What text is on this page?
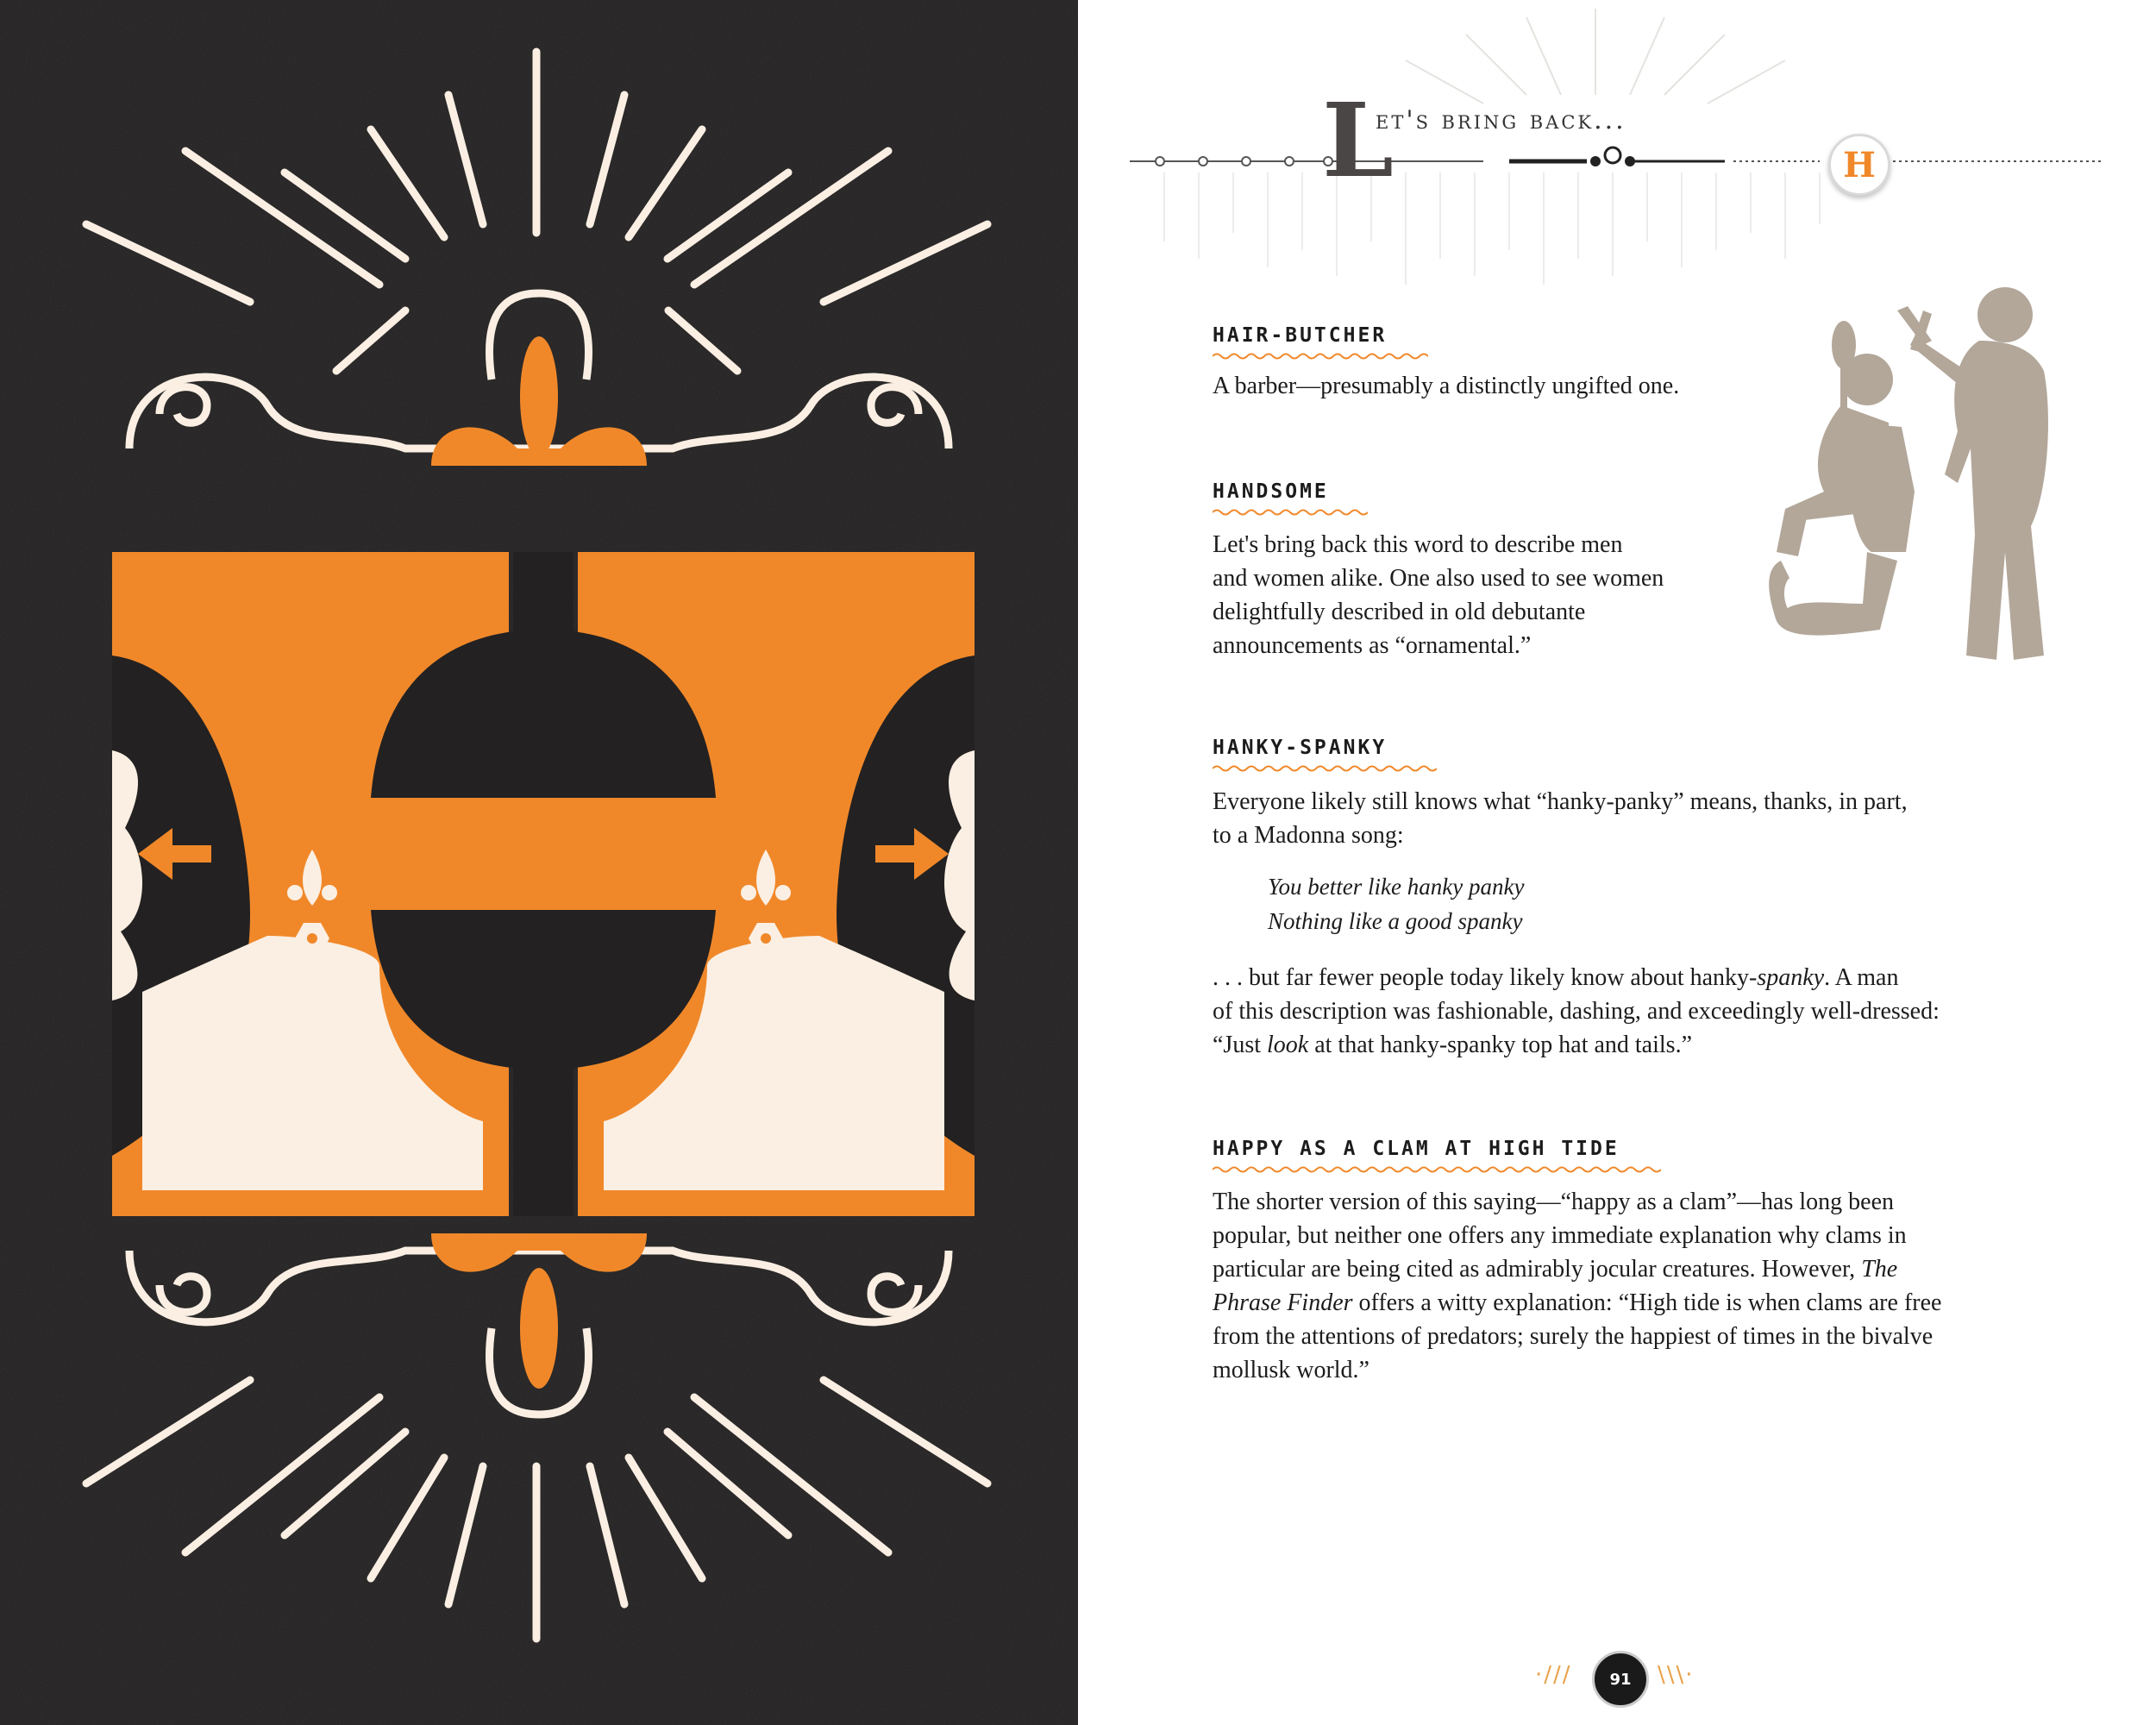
L
et's bring back...
H
HAIR-BUTCHER
A barber—presumably a distinctly ungifted one.
HANDSOME
Let's bring back this word to describe men
and women alike. One also used to see women
delightfully described in old debutante
announcements as “ornamental.”
HANKY-SPANKY
Everyone likely still knows what “hanky-panky” means, thanks, in part,
to a Madonna song:
You better like hanky panky
Nothing like a good spanky
. . . but far fewer people today likely know about hanky-spanky. A man
of this description was fashionable, dashing, and exceedingly well-dressed:
“Just look at that hanky-spanky top hat and tails.”
HAPPY AS A CLAM AT HIGH TIDE
The shorter version of this saying—“happy as a clam”—has long been
popular, but neither one offers any immediate explanation why clams in
particular are being cited as admirably jocular creatures. However, The
Phrase Finder offers a witty explanation: “High tide is when clams are free
from the attentions of predators; surely the happiest of times in the bivalve
mollusk world.”
·///	91	\\\·
